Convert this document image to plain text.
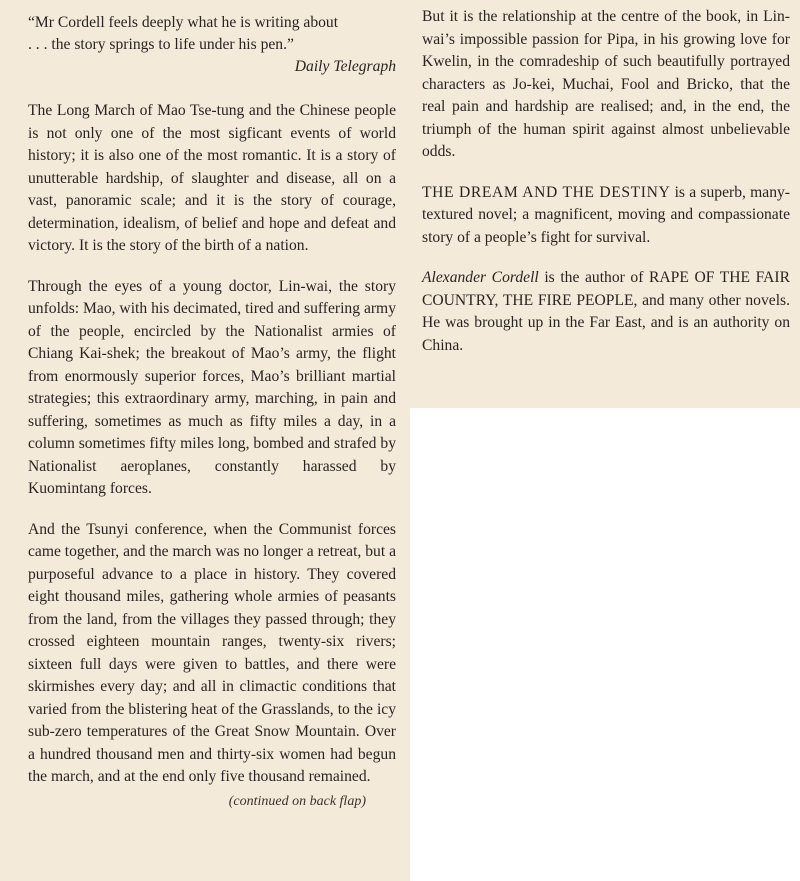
“Mr Cordell feels deeply what he is writing about
. . . the story springs to life under his pen.”
Daily Telegraph

The Long March of Mao Tse-tung and the Chinese people is not only one of the most sigficant events of world history; it is also one of the most romantic. It is a story of unutterable hardship, of slaughter and disease, all on a vast, panoramic scale; and it is the story of courage, determination, idealism, of belief and hope and defeat and victory. It is the story of the birth of a nation.

Through the eyes of a young doctor, Lin-wai, the story unfolds: Mao, with his decimated, tired and suffering army of the people, encircled by the Nationalist armies of Chiang Kai-shek; the breakout of Mao’s army, the flight from enormously superior forces, Mao’s brilliant martial strategies; this extraordinary army, marching, in pain and suffering, sometimes as much as fifty miles a day, in a column sometimes fifty miles long, bombed and strafed by Nationalist aeroplanes, constantly harassed by Kuomintang forces.

And the Tsunyi conference, when the Communist forces came together, and the march was no longer a retreat, but a purposeful advance to a place in history. They covered eight thousand miles, gathering whole armies of peasants from the land, from the villages they passed through; they crossed eighteen mountain ranges, twenty-six rivers; sixteen full days were given to battles, and there were skirmishes every day; and all in climactic conditions that varied from the blistering heat of the Grasslands, to the icy sub-zero temperatures of the Great Snow Mountain. Over a hundred thousand men and thirty-six women had begun the march, and at the end only five thousand remained.

(continued on back flap)

But it is the relationship at the centre of the book, in Lin-wai’s impossible passion for Pipa, in his growing love for Kwelin, in the comradeship of such beautifully portrayed characters as Jo-kei, Muchai, Fool and Bricko, that the real pain and hardship are realised; and, in the end, the triumph of the human spirit against almost unbelievable odds.

THE DREAM AND THE DESTINY is a superb, many-textured novel; a magnificent, moving and compassionate story of a people’s fight for survival.

Alexander Cordell is the author of RAPE OF THE FAIR COUNTRY, THE FIRE PEOPLE, and many other novels. He was brought up in the Far East, and is an authority on China.
